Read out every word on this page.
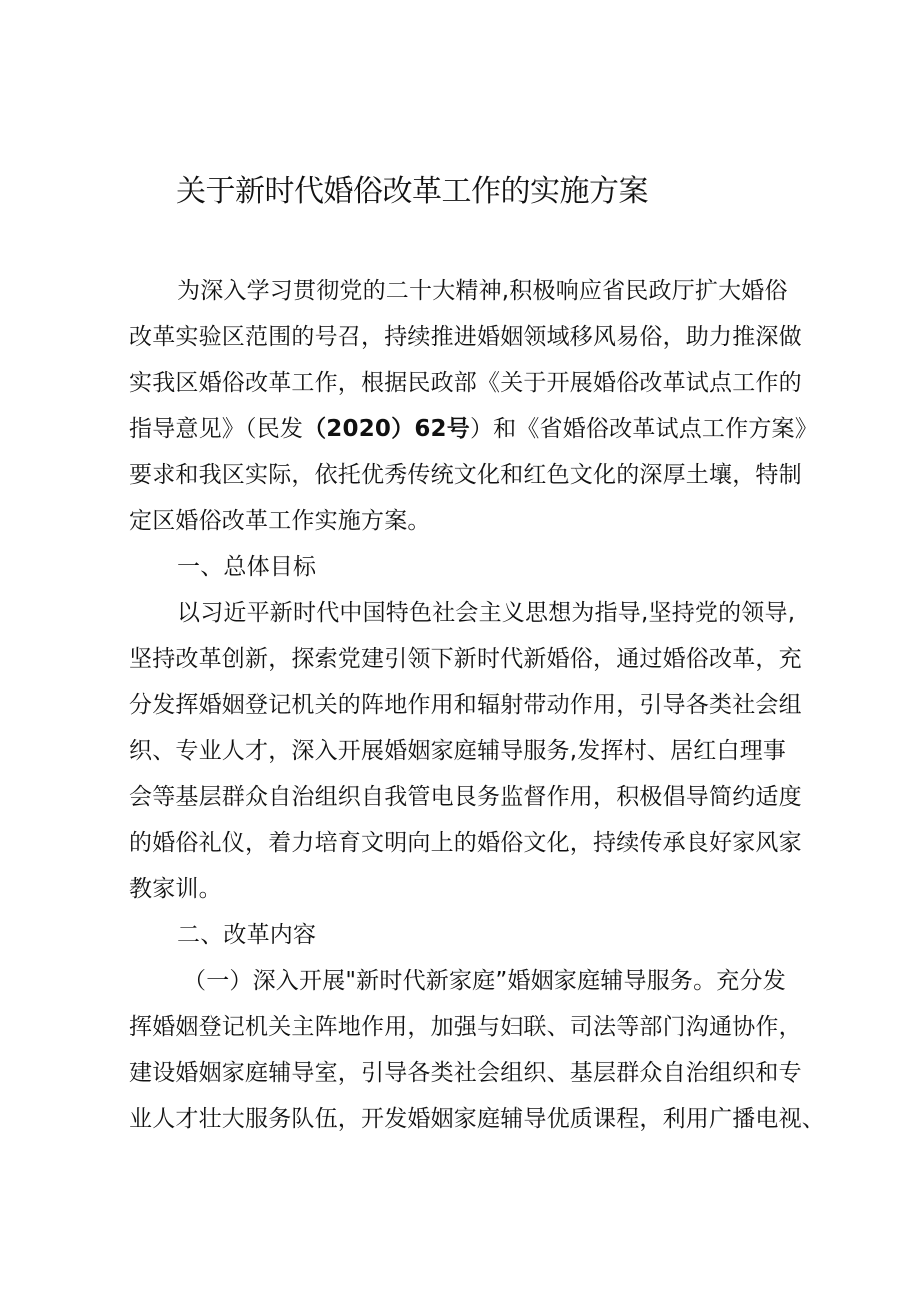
关于新时代婚俗改革工作的实施方案
为深入学习贯彻党的二十大精神,积极响应省民政厅扩大婚俗
改革实验区范围的号召，持续推进婚姻领域移风易俗，助力推深做
实我区婚俗改革工作，根据民政部《关于开展婚俗改革试点工作的
指导意见》（民发（2020）62号）和《省婚俗改革试点工作方案》
要求和我区实际，依托优秀传统文化和红色文化的深厚土壤，特制
定区婚俗改革工作实施方案。
一、总体目标
以习近平新时代中国特色社会主义思想为指导,坚持党的领导,
坚持改革创新，探索党建引领下新时代新婚俗，通过婚俗改革，充
分发挥婚姻登记机关的阵地作用和辐射带动作用，引导各类社会组
织、专业人才，深入开展婚姻家庭辅导服务,发挥村、居红白理事
会等基层群众自治组织自我管电艮务监督作用，积极倡导简约适度
的婚俗礼仪，着力培育文明向上的婚俗文化，持续传承良好家风家
教家训。
二、改革内容
（一）深入开展"新时代新家庭”婚姻家庭辅导服务。充分发
挥婚姻登记机关主阵地作用，加强与妇联、司法等部门沟通协作，
建设婚姻家庭辅导室，引导各类社会组织、基层群众自治组织和专
业人才壮大服务队伍，开发婚姻家庭辅导优质课程，利用广播电视、
